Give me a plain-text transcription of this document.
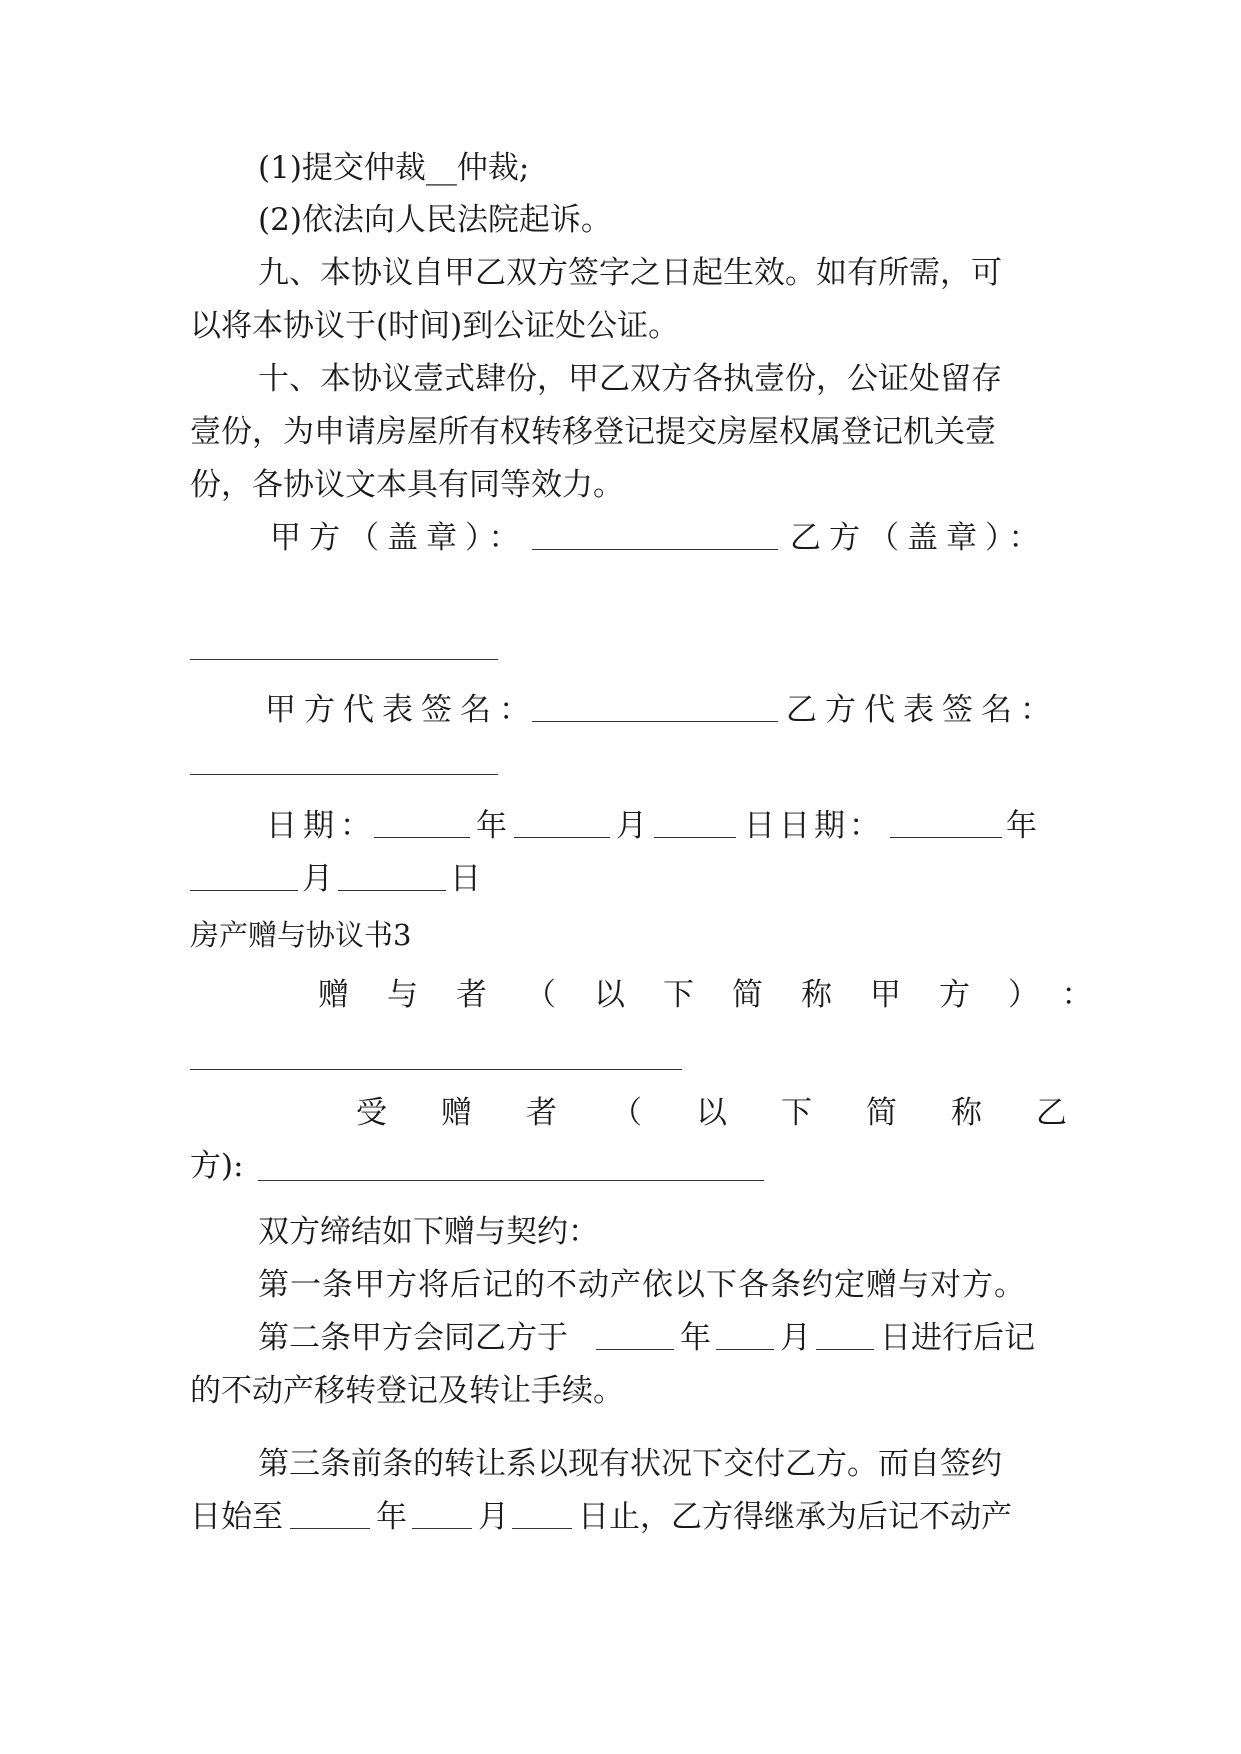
(1)提交仲裁__仲裁;
(2)依法向人民法院起诉。
九、本协议自甲乙双方签字之日起生效。如有所需，可
以将本协议于(时间)到公证处公证。
十、本协议壹式肆份，甲乙双方各执壹份，公证处留存
壹份，为申请房屋所有权转移登记提交房屋权属登记机关壹
份，各协议文本具有同等效力。
甲方（盖章）：	乙方（盖章）：
甲方代表签名：	乙方代表签名：
日期：	年	月	日日期：	年
月	日
房产赠与协议书3
赠与者（以下简称甲方）：
受赠者（以下简称乙
方):
双方缔结如下赠与契约：
第一条甲方将后记的不动产依以下各条约定赠与对方。
第二条甲方会同乙方于	年 月 日进行后记
的不动产移转登记及转让手续。
第三条前条的转让系以现有状况下交付乙方。而自签约
日始至	年 月 日止，乙方得继承为后记不动产
